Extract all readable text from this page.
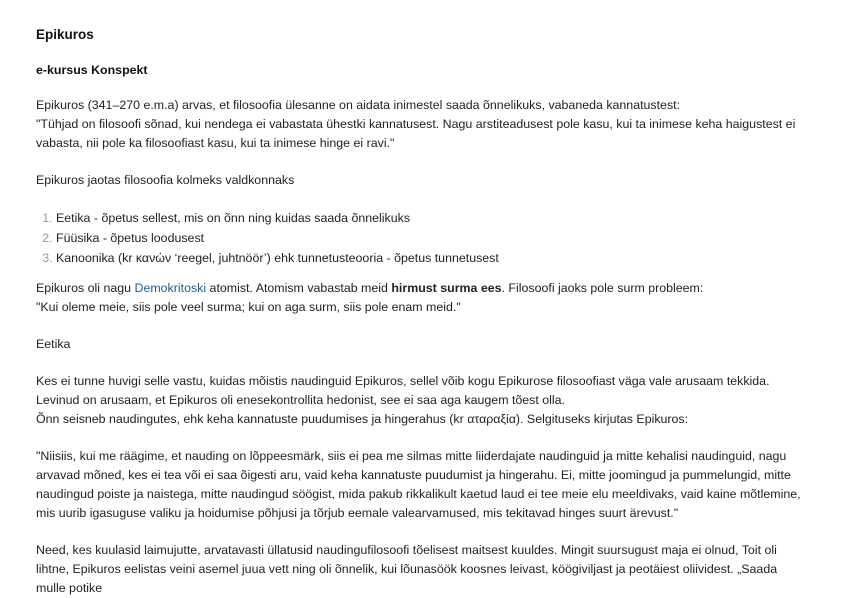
Epikuros
e-kursus Konspekt

Epikuros (341–270 e.m.a) arvas, et filosoofia ülesanne on aidata inimestel saada õnnelikuks, vabaneda kannatustest:
"Tühjad on filosoofi sõnad, kui nendega ei vabastata ühestki kannatusest. Nagu arstiteadusest pole kasu, kui ta inimese keha haigustest ei vabasta, nii pole ka filosoofiast kasu, kui ta inimese hinge ei ravi."

Epikuros jaotas filosoofia kolmeks valdkonnaks

1. Eetika - õpetus sellest, mis on õnn ning kuidas saada õnnelikuks
2. Füüsika - õpetus loodusest
3. Kanoonika (kr κανών ‘reegel, juhtnöör’) ehk tunnetusteooria - õpetus tunnetusest

Epikuros oli nagu Demokritoski atomist. Atomism vabastab meid hirmust surma ees. Filosoofi jaoks pole surm probleem:
"Kui oleme meie, siis pole veel surma; kui on aga surm, siis pole enam meid."

Eetika

Kes ei tunne huvigi selle vastu, kuidas mõistis naudinguid Epikuros, sellel võib kogu Epikurose filosoofiast väga vale arusaam tekkida. Levinud on arusaam, et Epikuros oli enesekontrollita hedonist, see ei saa aga kaugem tõest olla.
Õnn seisneb naudingutes, ehk keha kannatuste puudumises ja hingerahus (kr αταραξία). Selgituseks kirjutas Epikuros:

"Niisiis, kui me räägime, et nauding on lõppeesmärk, siis ei pea me silmas mitte liiderdajate naudinguid ja mitte kehalisi naudinguid, nagu arvavad mõned, kes ei tea või ei saa õigesti aru, vaid keha kannatuste puudumist ja hingerahu. Ei, mitte joomingud ja pummelungid, mitte naudingud poiste ja naistega, mitte naudingud söögist, mida pakub rikkalikult kaetud laud ei tee meie elu meeldivaks, vaid kaine mõtlemine, mis uurib igasuguse valiku ja hoidumise põhjusi ja tõrjub eemale valearvamused, mis tekitavad hinges suurt ärevust."

Need, kes kuulasid laimujutte, arvatavasti üllatusid naudingufilosoofi tõelisest maitsest kuuldes. Mingit suursugust maja ei olnud, Toit oli lihtne, Epikuros eelistas veini asemel juua vett ning oli õnnelik, kui lõunasöök koosnes leivast, köögiviljast ja peotäiest oliividest. „Saada mulle potike
